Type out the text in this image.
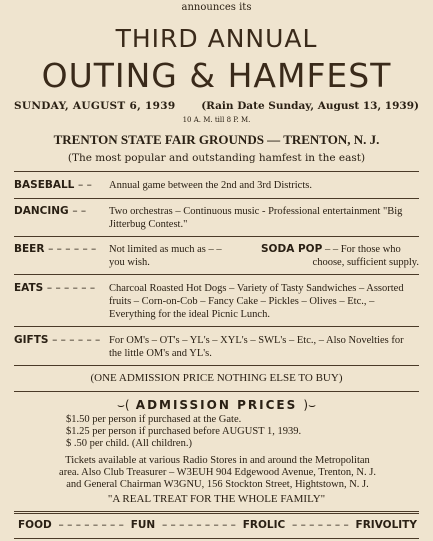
announces its
THIRD ANNUAL
OUTING & HAMFEST
SUNDAY, AUGUST 6, 1939 (Rain Date Sunday, August 13, 1939)
10 A. M. till 8 P. M.
TRENTON STATE FAIR GROUNDS — TRENTON, N. J.
(The most popular and outstanding hamfest in the east)
BASEBALL – – Annual game between the 2nd and 3rd Districts.
DANCING – – Two orchestras – Continuous music - Professional entertainment "Big Jitterbug Contest."
BEER – – – – – – Not limited as much as – –
you wish.
SODA POP – – For those who

choose, sufficient supply.
EATS – – – – – – Charcoal Roasted Hot Dogs – Variety of Tasty Sandwiches – Assorted fruits – Corn-on-Cob – Fancy Cake – Pickles – Olives – Etc., – Everything for the ideal Picnic Lunch.
GIFTS – – – – – – For OM's – OT's – YL's – XYL's – SWL's – Etc., – Also Novelties for the little OM's and YL's.
(ONE ADMISSION PRICE NOTHING ELSE TO BUY)
⌣( ADMISSION PRICES )⌣
$1.50 per person if purchased at the Gate.
$1.25 per person if purchased before AUGUST 1, 1939.
$ .50 per child. (All children.)
Tickets available at various Radio Stores in and around the Metropolitan
area. Also Club Treasurer – W3EUH 904 Edgewood Avenue, Trenton, N. J.
and General Chairman W3GNU, 156 Stockton Street, Hightstown, N. J.
"A REAL TREAT FOR THE WHOLE FAMILY"
FOOD – – – – – – – – FUN – – – – – – – – – FROLIC – – – – – – – FRIVOLITY
